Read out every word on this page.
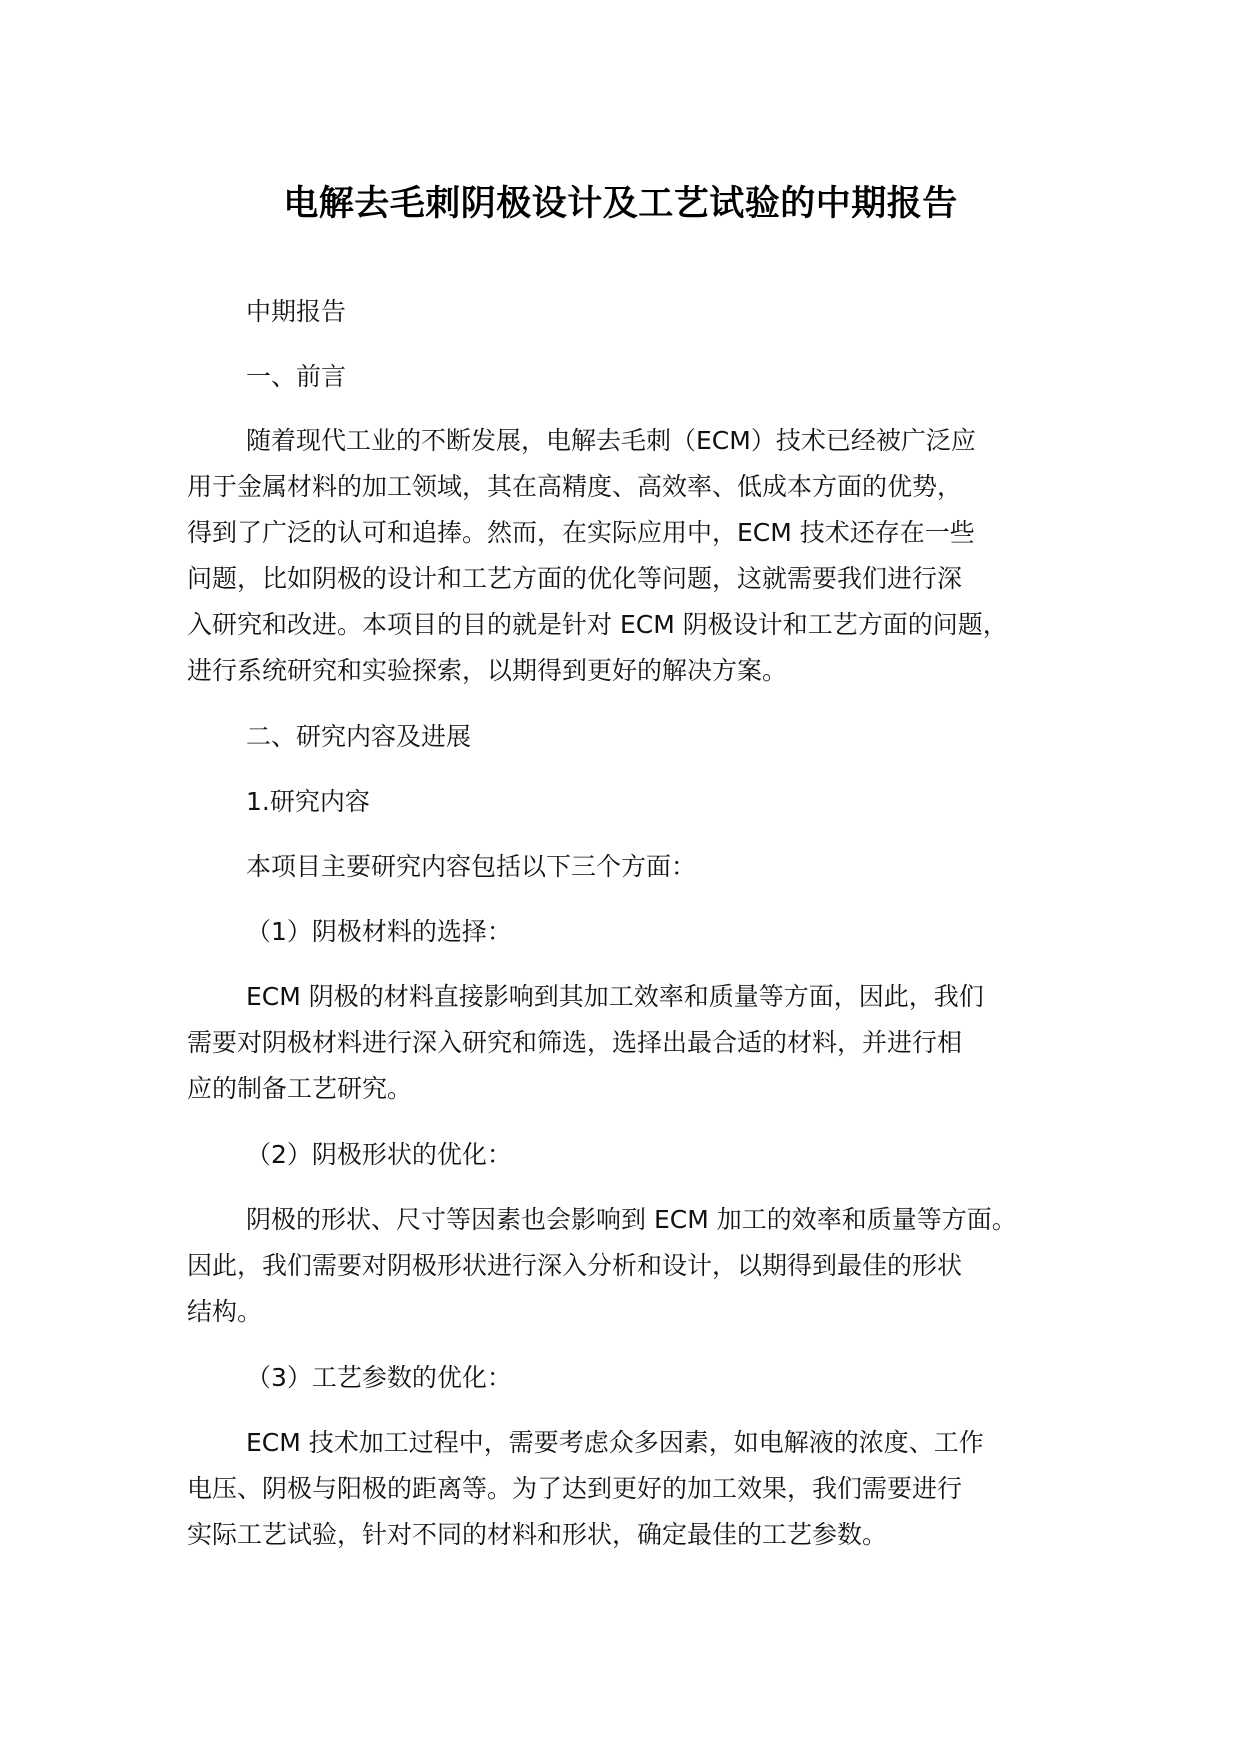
电解去毛刺阴极设计及工艺试验的中期报告
中期报告
一、前言
随着现代工业的不断发展，电解去毛刺（ECM）技术已经被广泛应
用于金属材料的加工领域，其在高精度、高效率、低成本方面的优势，
得到了广泛的认可和追捧。然而，在实际应用中，ECM 技术还存在一些
问题，比如阴极的设计和工艺方面的优化等问题，这就需要我们进行深
入研究和改进。本项目的目的就是针对 ECM 阴极设计和工艺方面的问题，
进行系统研究和实验探索，以期得到更好的解决方案。
二、研究内容及进展
1.研究内容
本项目主要研究内容包括以下三个方面：
（1）阴极材料的选择：
ECM 阴极的材料直接影响到其加工效率和质量等方面，因此，我们
需要对阴极材料进行深入研究和筛选，选择出最合适的材料，并进行相
应的制备工艺研究。
（2）阴极形状的优化：
阴极的形状、尺寸等因素也会影响到 ECM 加工的效率和质量等方面。
因此，我们需要对阴极形状进行深入分析和设计，以期得到最佳的形状
结构。
（3）工艺参数的优化：
ECM 技术加工过程中，需要考虑众多因素，如电解液的浓度、工作
电压、阴极与阳极的距离等。为了达到更好的加工效果，我们需要进行
实际工艺试验，针对不同的材料和形状，确定最佳的工艺参数。
